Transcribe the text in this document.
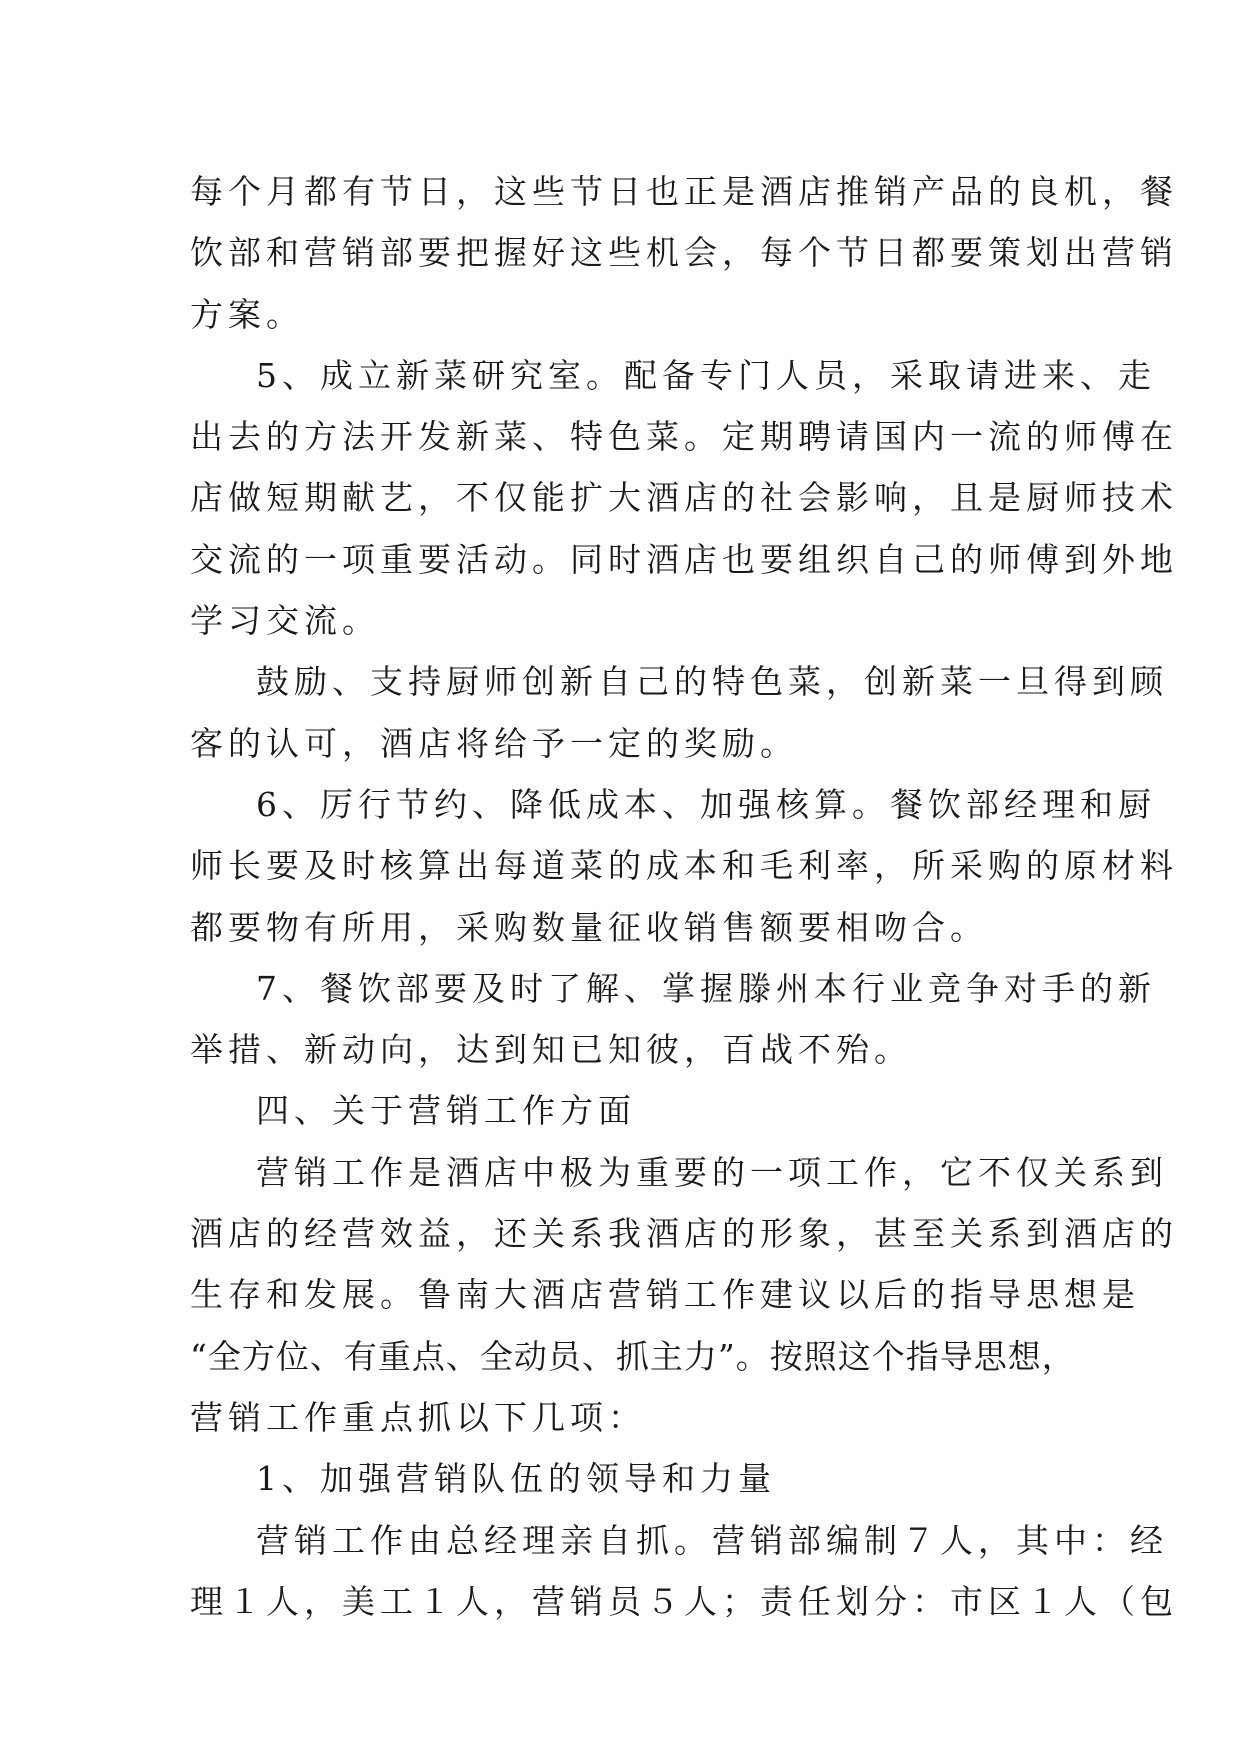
每个月都有节日，这些节日也正是酒店推销产品的良机，餐
饮部和营销部要把握好这些机会，每个节日都要策划出营销
方案。
5、成立新菜研究室。配备专门人员，采取请进来、走
出去的方法开发新菜、特色菜。定期聘请国内一流的师傅在
店做短期献艺，不仅能扩大酒店的社会影响，且是厨师技术
交流的一项重要活动。同时酒店也要组织自己的师傅到外地
学习交流。
鼓励、支持厨师创新自己的特色菜，创新菜一旦得到顾
客的认可，酒店将给予一定的奖励。
6、厉行节约、降低成本、加强核算。餐饮部经理和厨
师长要及时核算出每道菜的成本和毛利率，所采购的原材料
都要物有所用，采购数量征收销售额要相吻合。
7、餐饮部要及时了解、掌握滕州本行业竞争对手的新
举措、新动向，达到知已知彼，百战不殆。
四、关于营销工作方面
营销工作是酒店中极为重要的一项工作，它不仅关系到
酒店的经营效益，还关系我酒店的形象，甚至关系到酒店的
生存和发展。鲁南大酒店营销工作建议以后的指导思想是
“全方位、有重点、全动员、抓主力”。按照这个指导思想，
营销工作重点抓以下几项：
1、加强营销队伍的领导和力量
营销工作由总经理亲自抓。营销部编制７人，其中：经
理１人，美工１人，营销员５人；责任划分：市区１人（包
